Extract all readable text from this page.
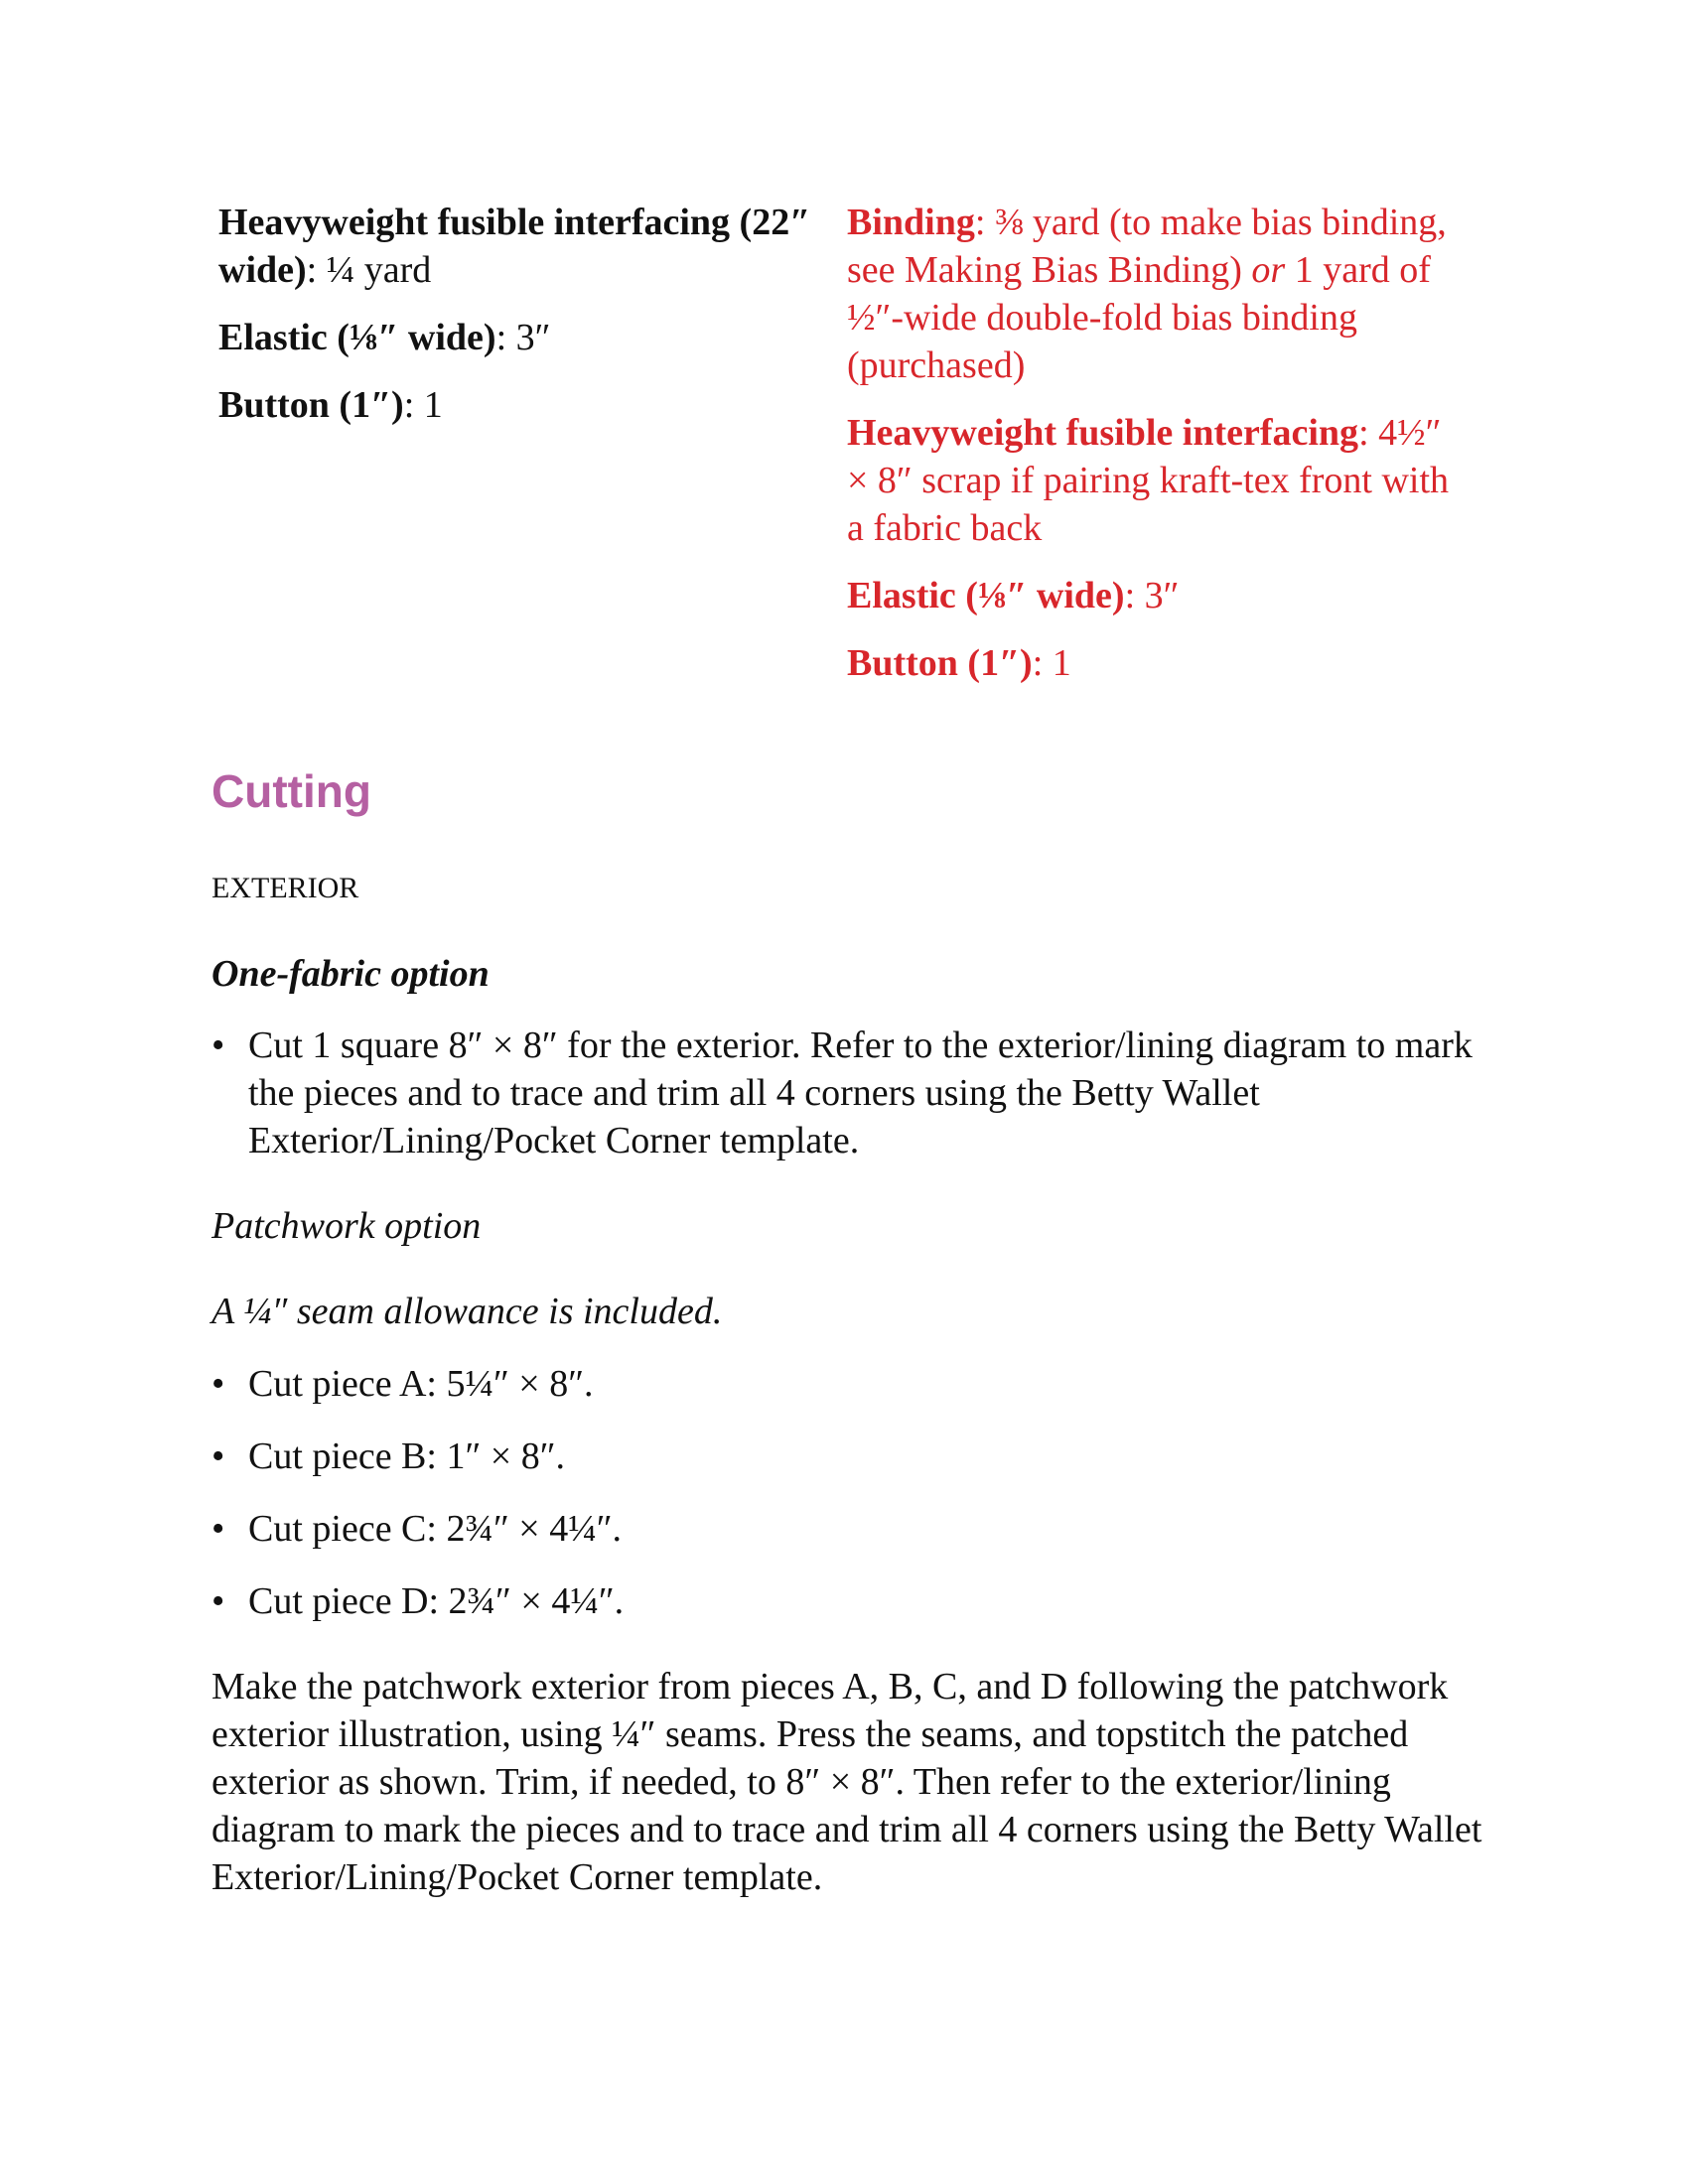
Heavyweight fusible interfacing (22″ wide): ¼ yard

Elastic (⅛″ wide): 3″

Button (1″): 1

Binding: ⅜ yard (to make bias binding, see Making Bias Binding) or 1 yard of ½″-wide double-fold bias binding (purchased)

Heavyweight fusible interfacing: 4½″ × 8″ scrap if pairing kraft-tex front with a fabric back

Elastic (⅛″ wide): 3″

Button (1″): 1

Cutting
EXTERIOR
One-fabric option
• Cut 1 square 8″ × 8″ for the exterior. Refer to the exterior/lining diagram to mark the pieces and to trace and trim all 4 corners using the Betty Wallet Exterior/Lining/Pocket Corner template.
Patchwork option
A ¼″ seam allowance is included.
• Cut piece A: 5¼″ × 8″.
• Cut piece B: 1″ × 8″.
• Cut piece C: 2¾″ × 4¼″.
• Cut piece D: 2¾″ × 4¼″.

Make the patchwork exterior from pieces A, B, C, and D following the patchwork exterior illustration, using ¼″ seams. Press the seams, and topstitch the patched exterior as shown. Trim, if needed, to 8″ × 8″. Then refer to the exterior/lining diagram to mark the pieces and to trace and trim all 4 corners using the Betty Wallet Exterior/Lining/Pocket Corner template.
